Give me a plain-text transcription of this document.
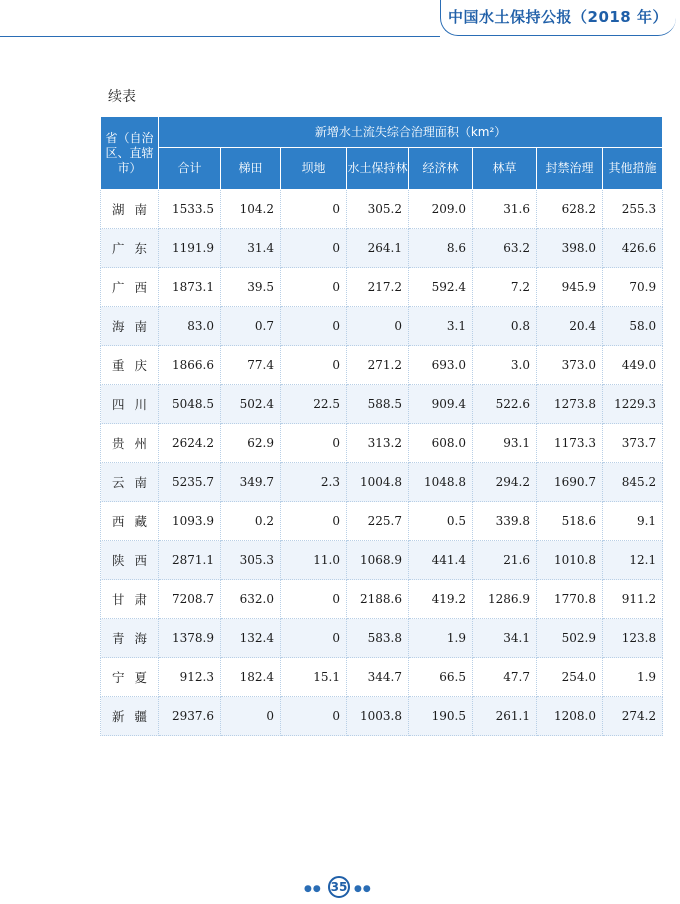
中国水土保持公报（2018 年）
续表
省（自治区、直辖市）	新增水土流失综合治理面积（km²）							
	合计	梯田	坝地	水土保持林	经济林	林草	封禁治理	其他措施
湖南	1533.5	104.2	0	305.2	209.0	31.6	628.2	255.3
广东	1191.9	31.4	0	264.1	8.6	63.2	398.0	426.6
广西	1873.1	39.5	0	217.2	592.4	7.2	945.9	70.9
海南	83.0	0.7	0	0	3.1	0.8	20.4	58.0
重庆	1866.6	77.4	0	271.2	693.0	3.0	373.0	449.0
四川	5048.5	502.4	22.5	588.5	909.4	522.6	1273.8	1229.3
贵州	2624.2	62.9	0	313.2	608.0	93.1	1173.3	373.7
云南	5235.7	349.7	2.3	1004.8	1048.8	294.2	1690.7	845.2
西藏	1093.9	0.2	0	225.7	0.5	339.8	518.6	9.1
陕西	2871.1	305.3	11.0	1068.9	441.4	21.6	1010.8	12.1
甘肃	7208.7	632.0	0	2188.6	419.2	1286.9	1770.8	911.2
青海	1378.9	132.4	0	583.8	1.9	34.1	502.9	123.8
宁夏	912.3	182.4	15.1	344.7	66.5	47.7	254.0	1.9
新疆	2937.6	0	0	1003.8	190.5	261.1	1208.0	274.2
●● 35 ●●
